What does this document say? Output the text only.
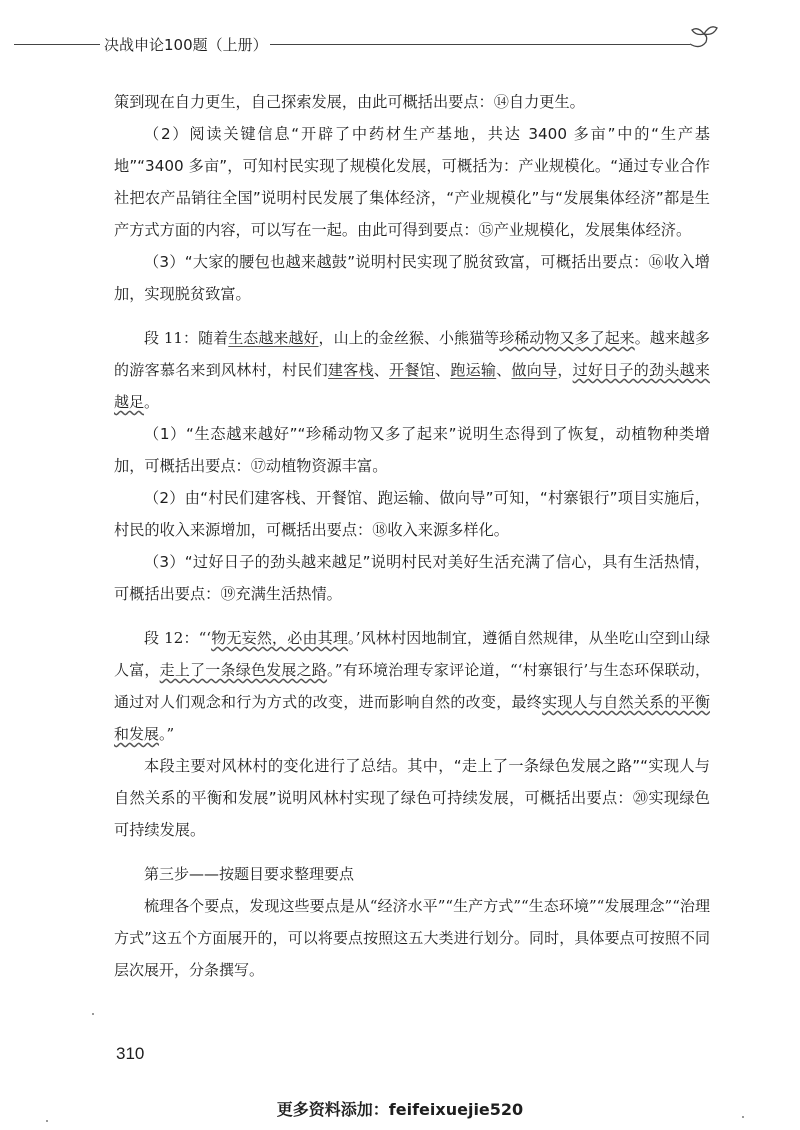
决战申论100题（上册）

策到现在自力更生，自己探索发展，由此可概括出要点：⑭自力更生。

（2）阅读关键信息“开辟了中药材生产基地，共达 3400 多亩”中的“生产基地”“3400 多亩”，可知村民实现了规模化发展，可概括为：产业规模化。“通过专业合作社把农产品销往全国”说明村民发展了集体经济，“产业规模化”与“发展集体经济”都是生产方式方面的内容，可以写在一起。由此可得到要点：⑮产业规模化，发展集体经济。

（3）“大家的腰包也越来越鼓”说明村民实现了脱贫致富，可概括出要点：⑯收入增加，实现脱贫致富。

段 11：随着生态越来越好，山上的金丝猴、小熊猫等珍稀动物又多了起来。越来越多的游客慕名来到风林村，村民们建客栈、开餐馆、跑运输、做向导，过好日子的劲头越来越足。

（1）“生态越来越好”“珍稀动物又多了起来”说明生态得到了恢复，动植物种类增加，可概括出要点：⑰动植物资源丰富。

（2）由“村民们建客栈、开餐馆、跑运输、做向导”可知，“村寨银行”项目实施后，村民的收入来源增加，可概括出要点：⑱收入来源多样化。

（3）“过好日子的劲头越来越足”说明村民对美好生活充满了信心，具有生活热情，可概括出要点：⑲充满生活热情。

段 12：“‘物无妄然，必由其理。’风林村因地制宜，遵循自然规律，从坐吃山空到山绿人富，走上了一条绿色发展之路。”有环境治理专家评论道，“‘村寨银行’与生态环保联动，通过对人们观念和行为方式的改变，进而影响自然的改变，最终实现人与自然关系的平衡和发展。”

本段主要对风林村的变化进行了总结。其中，“走上了一条绿色发展之路”“实现人与自然关系的平衡和发展”说明风林村实现了绿色可持续发展，可概括出要点：⑳实现绿色可持续发展。

第三步——按题目要求整理要点

梳理各个要点，发现这些要点是从“经济水平”“生产方式”“生态环境”“发展理念”“治理方式”这五个方面展开的，可以将要点按照这五大类进行划分。同时，具体要点可按照不同层次展开，分条撰写。

310
更多资料添加：feifeixuejie520
